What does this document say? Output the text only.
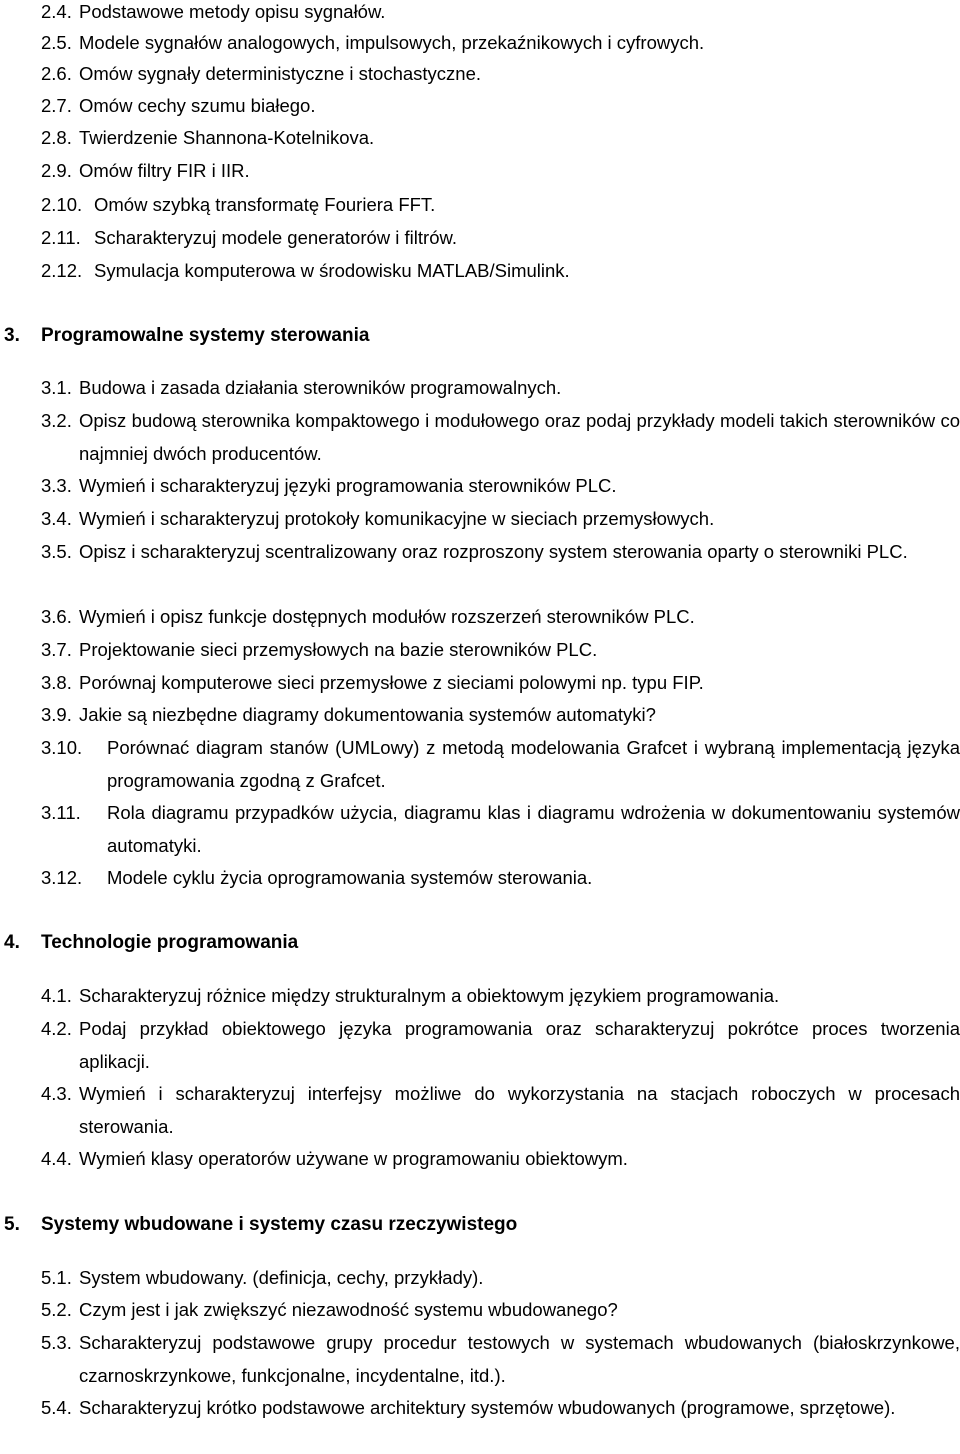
2.4. Podstawowe metody opisu sygnałów.
2.5. Modele sygnałów analogowych, impulsowych, przekaźnikowych i cyfrowych.
2.6. Omów sygnały deterministyczne i stochastyczne.
2.7. Omów cechy szumu białego.
2.8. Twierdzenie Shannona-Kotelnikova.
2.9. Omów filtry FIR i IIR.
2.10. Omów szybką transformatę Fouriera FFT.
2.11. Scharakteryzuj modele generatorów i filtrów.
2.12. Symulacja komputerowa w środowisku MATLAB/Simulink.
3. Programowalne systemy sterowania
3.1. Budowa i zasada działania sterowników programowalnych.
3.2. Opisz budową sterownika kompaktowego i modułowego oraz podaj przykłady modeli takich sterowników co najmniej dwóch producentów.
3.3. Wymień i scharakteryzuj języki programowania sterowników PLC.
3.4. Wymień i scharakteryzuj protokoły komunikacyjne w sieciach przemysłowych.
3.5. Opisz i scharakteryzuj scentralizowany oraz rozproszony system sterowania oparty o sterowniki PLC.
3.6. Wymień i opisz funkcje dostępnych modułów rozszerzeń sterowników PLC.
3.7. Projektowanie sieci przemysłowych na bazie sterowników PLC.
3.8. Porównaj komputerowe sieci przemysłowe z sieciami polowymi np. typu FIP.
3.9. Jakie są niezbędne diagramy dokumentowania systemów automatyki?
3.10. Porównać diagram stanów (UMLowy) z metodą modelowania Grafcet i wybraną implementacją języka programowania zgodną z Grafcet.
3.11. Rola diagramu przypadków użycia, diagramu klas i diagramu wdrożenia w dokumentowaniu systemów automatyki.
3.12. Modele cyklu życia oprogramowania systemów sterowania.
4. Technologie programowania
4.1. Scharakteryzuj różnice między strukturalnym a obiektowym językiem programowania.
4.2. Podaj przykład obiektowego języka programowania oraz scharakteryzuj pokrótce proces tworzenia aplikacji.
4.3. Wymień i scharakteryzuj interfejsy możliwe do wykorzystania na stacjach roboczych w procesach sterowania.
4.4. Wymień klasy operatorów używane w programowaniu obiektowym.
5. Systemy wbudowane i systemy czasu rzeczywistego
5.1. System wbudowany. (definicja, cechy, przykłady).
5.2. Czym jest i jak zwiększyć niezawodność systemu wbudowanego?
5.3. Scharakteryzuj podstawowe grupy procedur testowych w systemach wbudowanych (białoskrzynkowe, czarnoskrzynkowe, funkcjonalne, incydentalne, itd.).
5.4. Scharakteryzuj krótko podstawowe architektury systemów wbudowanych (programowe, sprzętowe).
